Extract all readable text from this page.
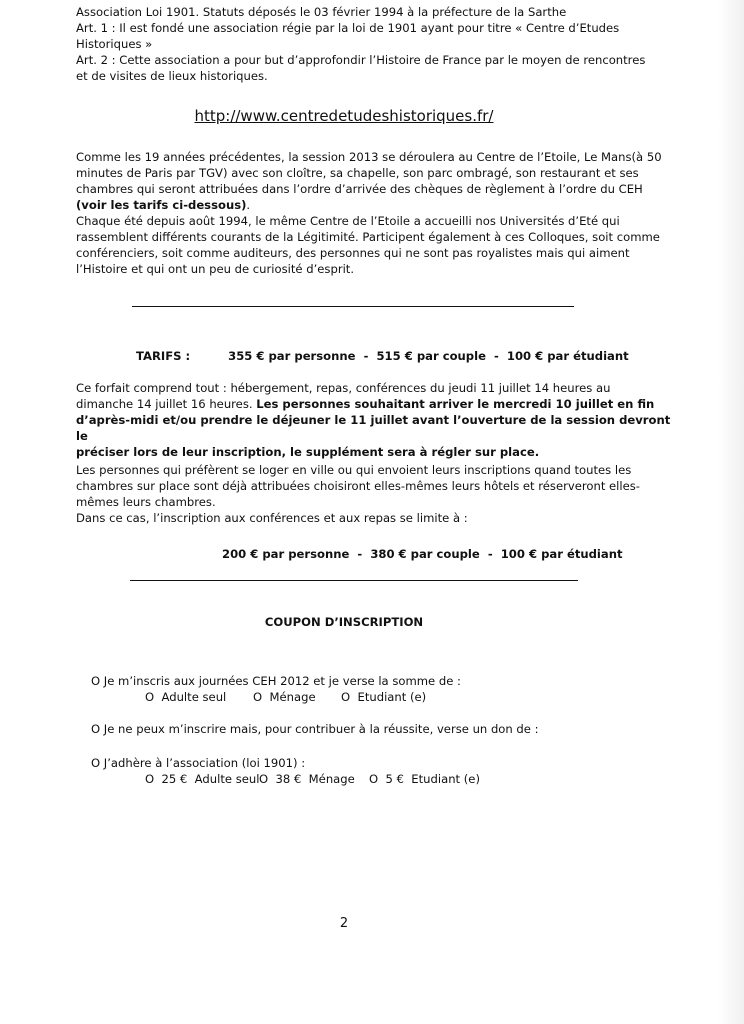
Association Loi 1901. Statuts déposés le 03 février 1994 à la préfecture de la Sarthe

Art. 1 : Il est fondé une association régie par la loi de 1901 ayant pour titre « Centre d’Etudes

Historiques »

Art. 2 : Cette association a pour but d’approfondir l’Histoire de France par le moyen de rencontres

et de visites de lieux historiques.

http://www.centredetudeshistoriques.fr/

Comme les 19 années précédentes, la session 2013 se déroulera au Centre de l’Etoile, Le Mans(à 50

minutes de Paris par TGV) avec son cloître, sa chapelle, son parc ombragé, son restaurant et ses

chambres qui seront attribuées dans l’ordre d’arrivée des chèques de règlement à l’ordre du CEH

(voir les tarifs ci-dessous).

Chaque été depuis août 1994, le même Centre de l’Etoile a accueilli nos Universités d’Eté qui

rassemblent différents courants de la Légitimité. Participent également à ces Colloques, soit comme

conférenciers, soit comme auditeurs, des personnes qui ne sont pas royalistes mais qui aiment

l’Histoire et qui ont un peu de curiosité d’esprit.

TARIFS :	355 € par personne - 515 € par couple - 100 € par étudiant

Ce forfait comprend tout : hébergement, repas, conférences du jeudi 11 juillet 14 heures au

dimanche 14 juillet 16 heures. Les personnes souhaitant arriver le mercredi 10 juillet en fin

d’après-midi et/ou prendre le déjeuner le 11 juillet avant l’ouverture de la session devront le

préciser lors de leur inscription, le supplément sera à régler sur place.

Les personnes qui préfèrent se loger en ville ou qui envoient leurs inscriptions quand toutes les

chambres sur place sont déjà attribuées choisiront elles-mêmes leurs hôtels et réserveront elles-

mêmes leurs chambres.

Dans ce cas, l’inscription aux conférences et aux repas se limite à :

200 € par personne - 380 € par couple - 100 € par étudiant
COUPON D’INSCRIPTION
O Je m’inscris aux journées CEH 2012 et je verse la somme de :
O  Adulte seul O  Ménage O  Etudiant (e)
O Je ne peux m’inscrire mais, pour contribuer à la réussite, verse un don de :
O J’adhère à l’association (loi 1901) :
O  25 €  Adulte seul O  38 €  Ménage O  5 €  Etudiant (e)
2
